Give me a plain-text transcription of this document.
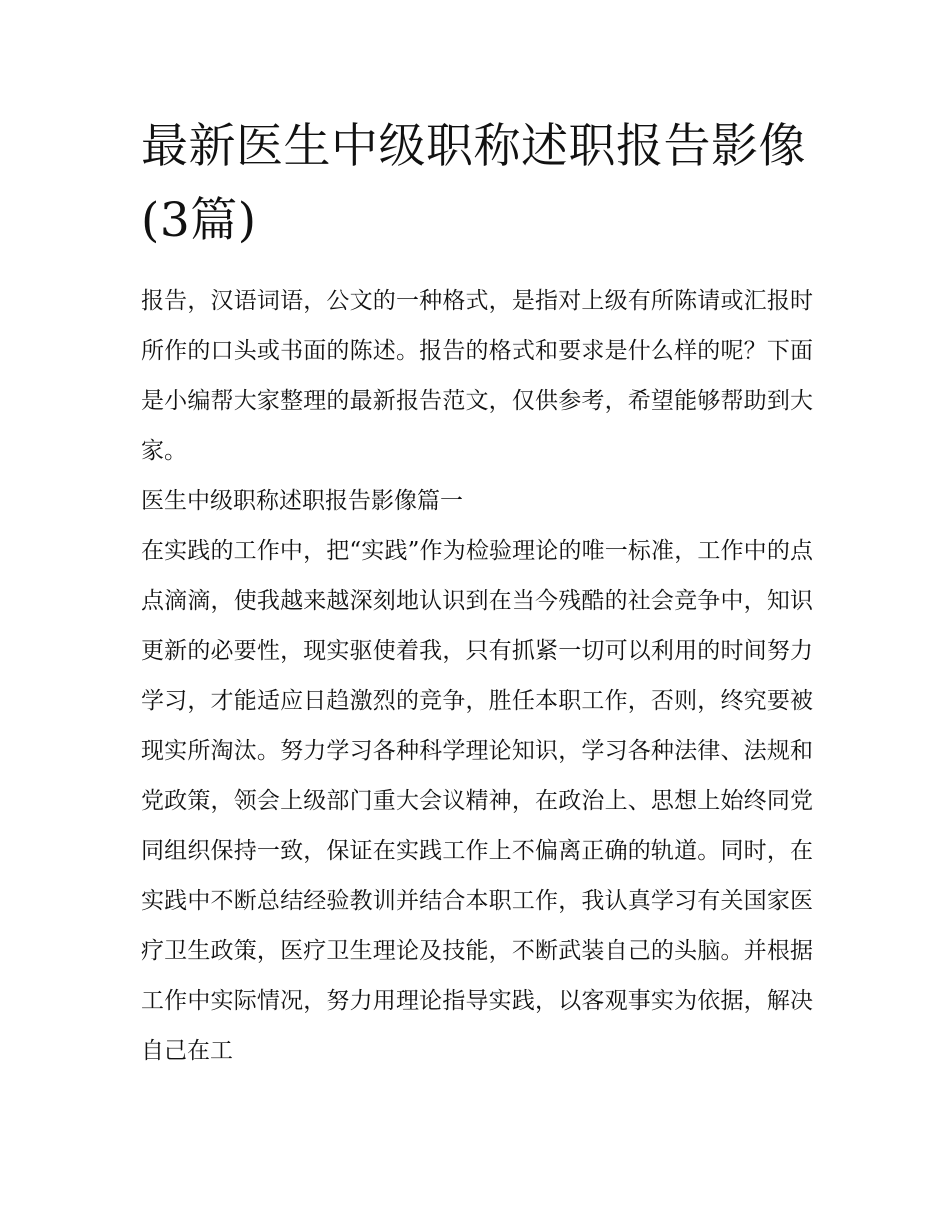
最新医生中级职称述职报告影像(3篇)

报告，汉语词语，公文的一种格式，是指对上级有所陈请或汇报时所作的口头或书面的陈述。报告的格式和要求是什么样的呢？下面是小编帮大家整理的最新报告范文，仅供参考，希望能够帮助到大家。

医生中级职称述职报告影像篇一

在实践的工作中，把“实践”作为检验理论的唯一标准，工作中的点点滴滴，使我越来越深刻地认识到在当今残酷的社会竞争中，知识更新的必要性，现实驱使着我，只有抓紧一切可以利用的时间努力学习，才能适应日趋激烈的竞争，胜任本职工作，否则，终究要被现实所淘汰。努力学习各种科学理论知识，学习各种法律、法规和党政策，领会上级部门重大会议精神，在政治上、思想上始终同党同组织保持一致，保证在实践工作上不偏离正确的轨道。同时，在实践中不断总结经验教训并结合本职工作，我认真学习有关国家医疗卫生政策，医疗卫生理论及技能，不断武装自己的头脑。并根据工作中实际情况，努力用理论指导实践，以客观事实为依据，解决自己在工
